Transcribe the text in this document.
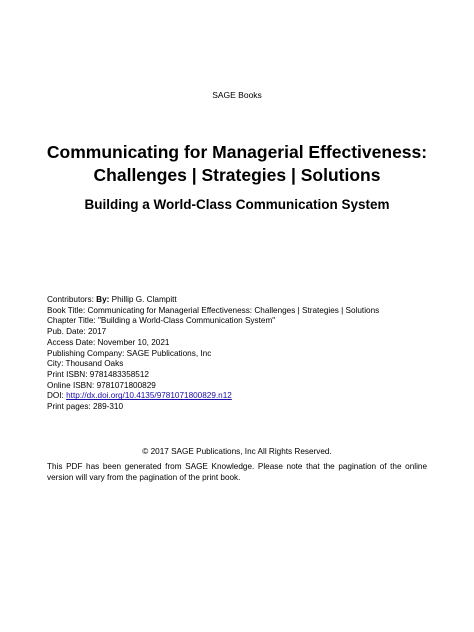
SAGE Books
Communicating for Managerial Effectiveness:
Challenges | Strategies | Solutions
Building a World-Class Communication System
Contributors: By: Phillip G. Clampitt
Book Title: Communicating for Managerial Effectiveness: Challenges | Strategies | Solutions
Chapter Title: "Building a World-Class Communication System"
Pub. Date: 2017
Access Date: November 10, 2021
Publishing Company: SAGE Publications, Inc
City: Thousand Oaks
Print ISBN: 9781483358512
Online ISBN: 9781071800829
DOI: http://dx.doi.org/10.4135/9781071800829.n12
Print pages: 289-310
© 2017 SAGE Publications, Inc All Rights Reserved.
This PDF has been generated from SAGE Knowledge. Please note that the pagination of the online version will vary from the pagination of the print book.
